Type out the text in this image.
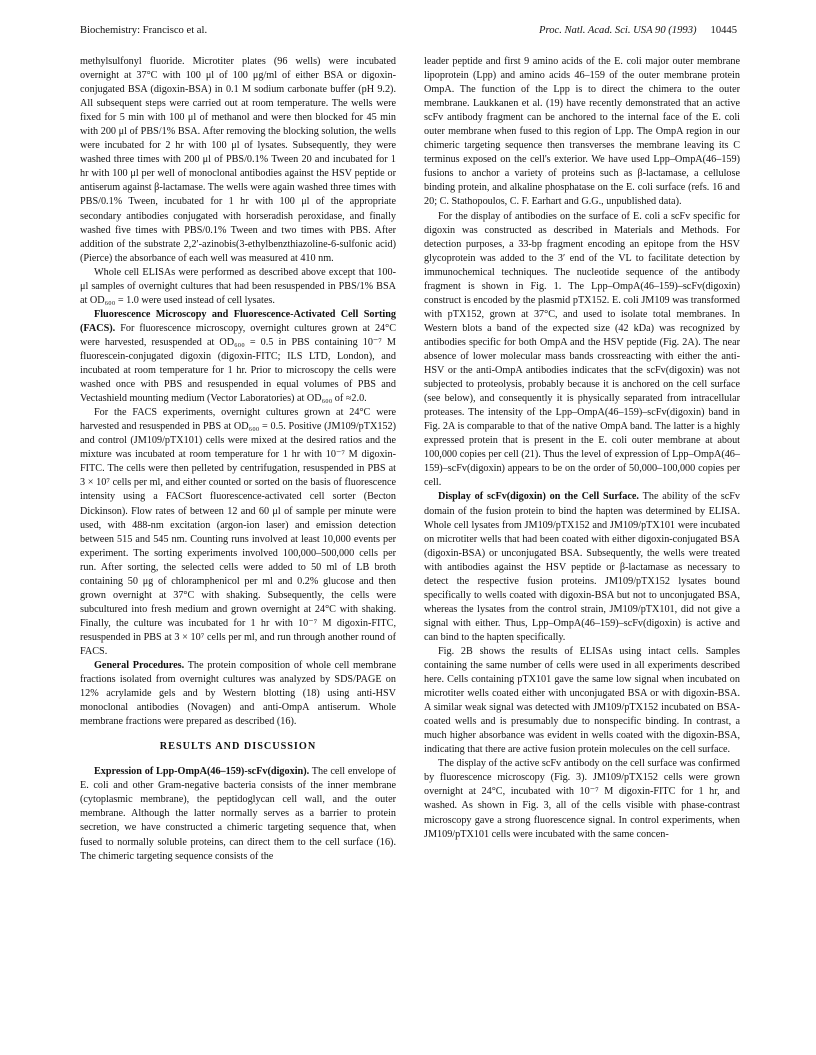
Biochemistry: Francisco et al.	Proc. Natl. Acad. Sci. USA 90 (1993) 10445

methylsulfonyl fluoride. Microtiter plates (96 wells) were incubated overnight at 37°C with 100 μl of 100 μg/ml of either BSA or digoxin-conjugated BSA (digoxin-BSA) in 0.1 M sodium carbonate buffer (pH 9.2). All subsequent steps were carried out at room temperature. The wells were fixed for 5 min with 100 μl of methanol and were then blocked for 45 min with 200 μl of PBS/1% BSA. After removing the blocking solution, the wells were incubated for 2 hr with 100 μl of lysates. Subsequently, they were washed three times with 200 μl of PBS/0.1% Tween 20 and incubated for 1 hr with 100 μl per well of monoclonal antibodies against the HSV peptide or antiserum against β-lactamase. The wells were again washed three times with PBS/0.1% Tween, incubated for 1 hr with 100 μl of the appropriate secondary antibodies conjugated with horseradish peroxidase, and finally washed five times with PBS/0.1% Tween and two times with PBS. After addition of the substrate 2,2′-azinobis(3-ethylbenzthiazoline-6-sulfonic acid) (Pierce) the absorbance of each well was measured at 410 nm.

Whole cell ELISAs were performed as described above except that 100-μl samples of overnight cultures that had been resuspended in PBS/1% BSA at OD₆₀₀ = 1.0 were used instead of cell lysates.

Fluorescence Microscopy and Fluorescence-Activated Cell Sorting (FACS). For fluorescence microscopy, overnight cultures grown at 24°C were harvested, resuspended at OD₆₀₀ = 0.5 in PBS containing 10⁻⁷ M fluorescein-conjugated digoxin (digoxin-FITC; ILS LTD, London), and incubated at room temperature for 1 hr. Prior to microscopy the cells were washed once with PBS and resuspended in equal volumes of PBS and Vectashield mounting medium (Vector Laboratories) at OD₆₀₀ of ≈2.0.

For the FACS experiments, overnight cultures grown at 24°C were harvested and resuspended in PBS at OD₆₀₀ = 0.5. Positive (JM109/pTX152) and control (JM109/pTX101) cells were mixed at the desired ratios and the mixture was incubated at room temperature for 1 hr with 10⁻⁷ M digoxin-FITC. The cells were then pelleted by centrifugation, resuspended in PBS at 3 × 10⁷ cells per ml, and either counted or sorted on the basis of fluorescence intensity using a FACSort fluorescence-activated cell sorter (Becton Dickinson). Flow rates of between 12 and 60 μl of sample per minute were used, with 488-nm excitation (argon-ion laser) and emission detection between 515 and 545 nm. Counting runs involved at least 10,000 events per experiment. The sorting experiments involved 100,000–500,000 cells per run. After sorting, the selected cells were added to 50 ml of LB broth containing 50 μg of chloramphenicol per ml and 0.2% glucose and then grown overnight at 37°C with shaking. Subsequently, the cells were subcultured into fresh medium and grown overnight at 24°C with shaking. Finally, the culture was incubated for 1 hr with 10⁻⁷ M digoxin-FITC, resuspended in PBS at 3 × 10⁷ cells per ml, and run through another round of FACS.

General Procedures. The protein composition of whole cell membrane fractions isolated from overnight cultures was analyzed by SDS/PAGE on 12% acrylamide gels and by Western blotting (18) using anti-HSV monoclonal antibodies (Novagen) and anti-OmpA antiserum. Whole membrane fractions were prepared as described (16).

RESULTS AND DISCUSSION

Expression of Lpp-OmpA(46–159)-scFv(digoxin). The cell envelope of E. coli and other Gram-negative bacteria consists of the inner membrane (cytoplasmic membrane), the peptidoglycan cell wall, and the outer membrane. Although the latter normally serves as a barrier to protein secretion, we have constructed a chimeric targeting sequence that, when fused to normally soluble proteins, can direct them to the cell surface (16). The chimeric targeting sequence consists of the

leader peptide and first 9 amino acids of the E. coli major outer membrane lipoprotein (Lpp) and amino acids 46–159 of the outer membrane protein OmpA. The function of the Lpp is to direct the chimera to the outer membrane. Laukkanen et al. (19) have recently demonstrated that an active scFv antibody fragment can be anchored to the internal face of the E. coli outer membrane when fused to this region of Lpp. The OmpA region in our chimeric targeting sequence then transverses the membrane leaving its C terminus exposed on the cell's exterior. We have used Lpp–OmpA(46–159) fusions to anchor a variety of proteins such as β-lactamase, a cellulose binding protein, and alkaline phosphatase on the E. coli surface (refs. 16 and 20; C. Stathopoulos, C. F. Earhart and G.G., unpublished data).

For the display of antibodies on the surface of E. coli a scFv specific for digoxin was constructed as described in Materials and Methods. For detection purposes, a 33-bp fragment encoding an epitope from the HSV glycoprotein was added to the 3′ end of the VL to facilitate detection by immunochemical techniques. The nucleotide sequence of the antibody fragment is shown in Fig. 1. The Lpp–OmpA(46–159)–scFv(digoxin) construct is encoded by the plasmid pTX152. E. coli JM109 was transformed with pTX152, grown at 37°C, and used to isolate total membranes. In Western blots a band of the expected size (42 kDa) was recognized by antibodies specific for both OmpA and the HSV peptide (Fig. 2A). The near absence of lower molecular mass bands crossreacting with either the anti-HSV or the anti-OmpA antibodies indicates that the scFv(digoxin) was not subjected to proteolysis, probably because it is anchored on the cell surface (see below), and consequently it is physically separated from intracellular proteases. The intensity of the Lpp–OmpA(46–159)–scFv(digoxin) band in Fig. 2A is comparable to that of the native OmpA band. The latter is a highly expressed protein that is present in the E. coli outer membrane at about 100,000 copies per cell (21). Thus the level of expression of Lpp–OmpA(46–159)–scFv(digoxin) appears to be on the order of 50,000–100,000 copies per cell.

Display of scFv(digoxin) on the Cell Surface. The ability of the scFv domain of the fusion protein to bind the hapten was determined by ELISA. Whole cell lysates from JM109/pTX152 and JM109/pTX101 were incubated on microtiter wells that had been coated with either digoxin-conjugated BSA (digoxin-BSA) or unconjugated BSA. Subsequently, the wells were treated with antibodies against the HSV peptide or β-lactamase as necessary to detect the respective fusion proteins. JM109/pTX152 lysates bound specifically to wells coated with digoxin-BSA but not to unconjugated BSA, whereas the lysates from the control strain, JM109/pTX101, did not give a signal with either. Thus, Lpp–OmpA(46–159)–scFv(digoxin) is active and can bind to the hapten specifically.

Fig. 2B shows the results of ELISAs using intact cells. Samples containing the same number of cells were used in all experiments described here. Cells containing pTX101 gave the same low signal when incubated on microtiter wells coated either with unconjugated BSA or with digoxin-BSA. A similar weak signal was detected with JM109/pTX152 incubated on BSA-coated wells and is presumably due to nonspecific binding. In contrast, a much higher absorbance was evident in wells coated with the digoxin-BSA, indicating that there are active fusion protein molecules on the cell surface.

The display of the active scFv antibody on the cell surface was confirmed by fluorescence microscopy (Fig. 3). JM109/pTX152 cells were grown overnight at 24°C, incubated with 10⁻⁷ M digoxin-FITC for 1 hr, and washed. As shown in Fig. 3, all of the cells visible with phase-contrast microscopy gave a strong fluorescence signal. In control experiments, when JM109/pTX101 cells were incubated with the same concen-
